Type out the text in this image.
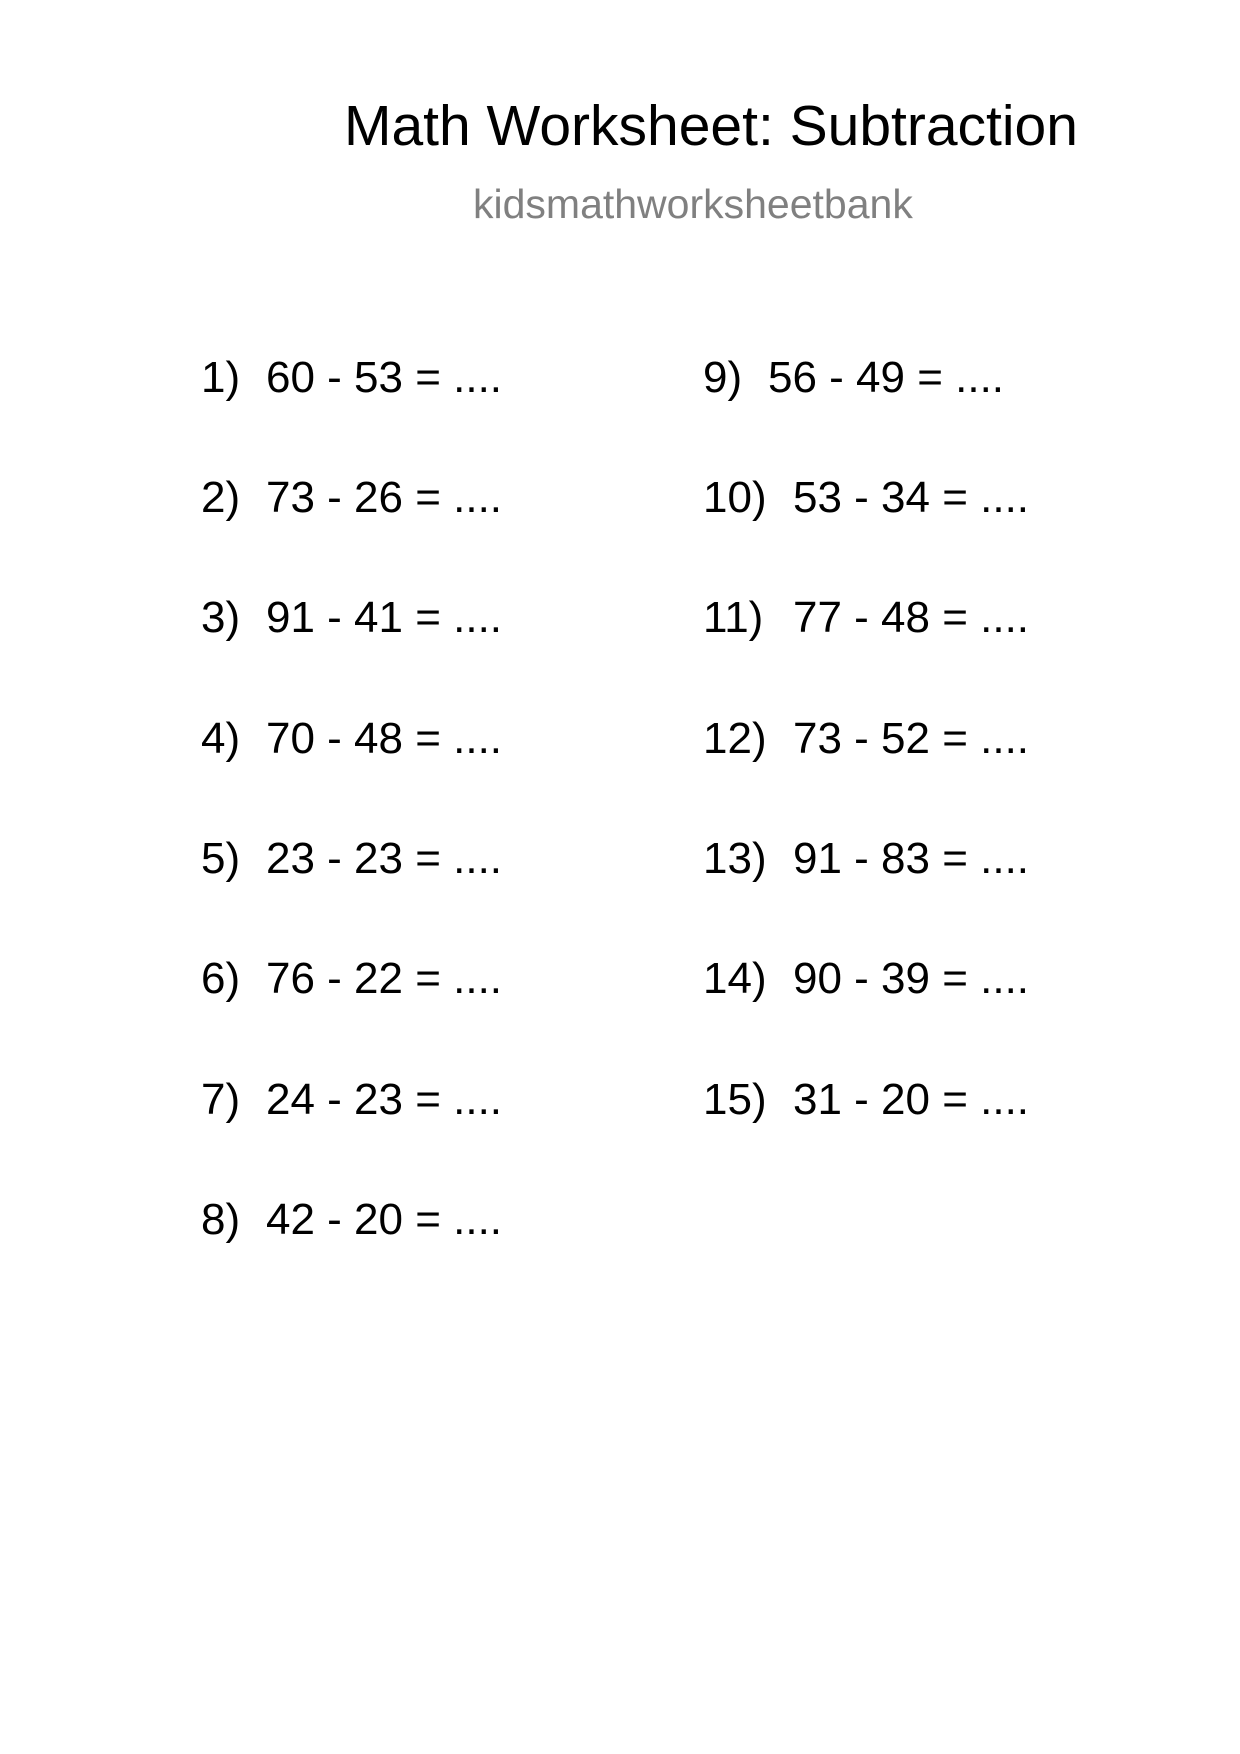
Math Worksheet: Subtraction
kidsmathworksheetbank
1) 60 - 53 = ....
2) 73 - 26 = ....
3) 91 - 41 = ....
4) 70 - 48 = ....
5) 23 - 23 = ....
6) 76 - 22 = ....
7) 24 - 23 = ....
8) 42 - 20 = ....
9) 56 - 49 = ....
10) 53 - 34 = ....
11) 77 - 48 = ....
12) 73 - 52 = ....
13) 91 - 83 = ....
14) 90 - 39 = ....
15) 31 - 20 = ....
